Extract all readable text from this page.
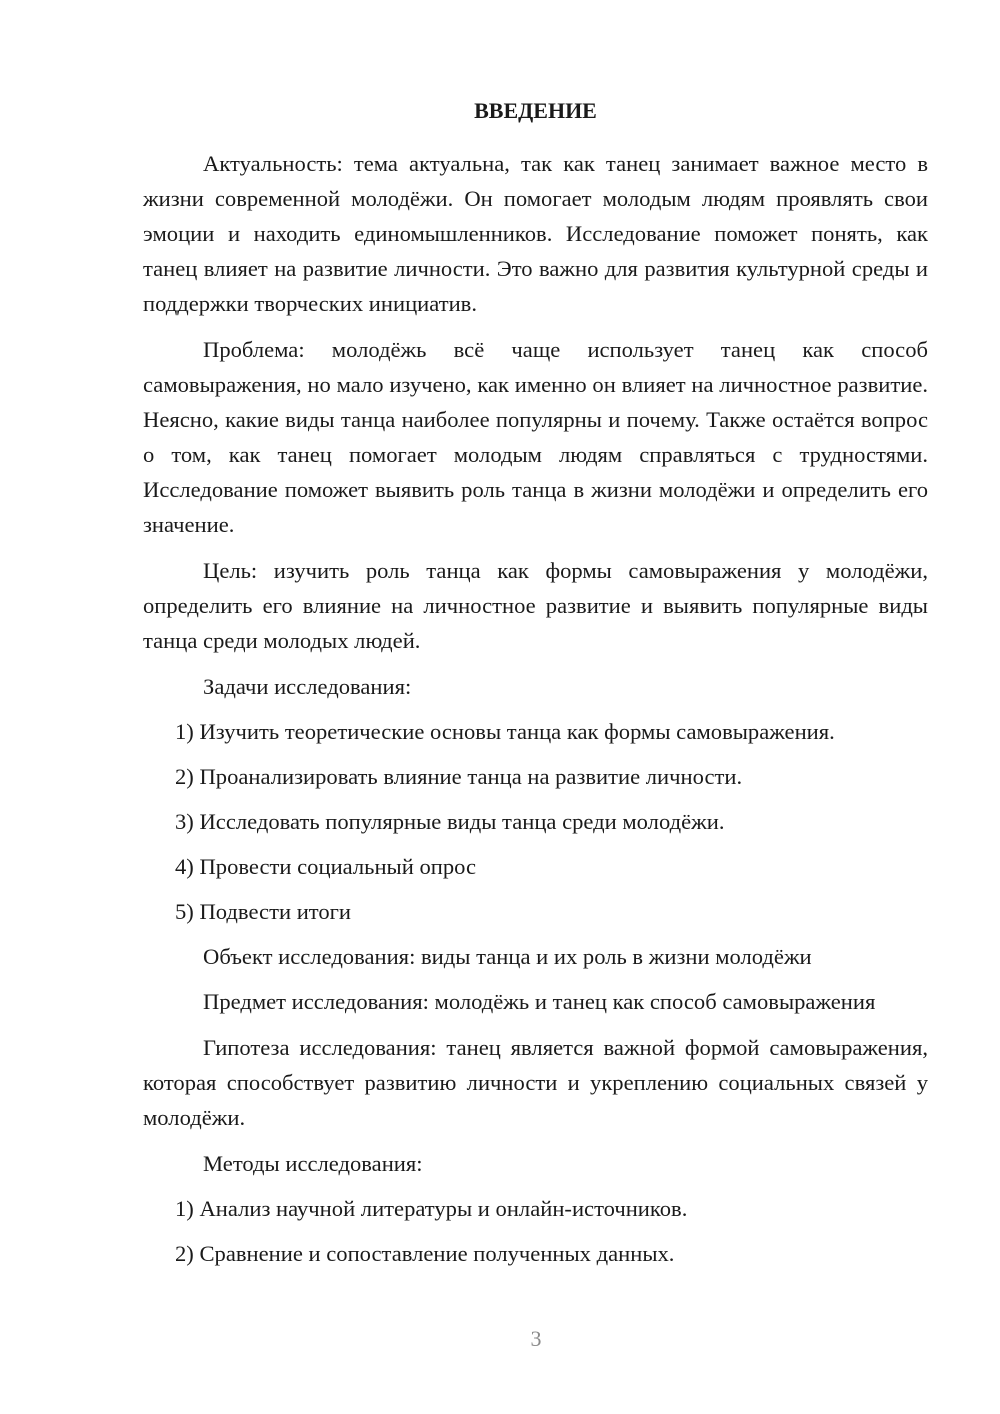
ВВЕДЕНИЕ

Актуальность: тема актуальна, так как танец занимает важное место в жизни современной молодёжи. Он помогает молодым людям проявлять свои эмоции и находить единомышленников. Исследование поможет понять, как танец влияет на развитие личности. Это важно для развития культурной среды и поддержки творческих инициатив.

Проблема: молодёжь всё чаще использует танец как способ самовыражения, но мало изучено, как именно он влияет на личностное развитие. Неясно, какие виды танца наиболее популярны и почему. Также остаётся вопрос о том, как танец помогает молодым людям справляться с трудностями. Исследование поможет выявить роль танца в жизни молодёжи и определить его значение.

Цель: изучить роль танца как формы самовыражения у молодёжи, определить его влияние на личностное развитие и выявить популярные виды танца среди молодых людей.

Задачи исследования:
1) Изучить теоретические основы танца как формы самовыражения.
2) Проанализировать влияние танца на развитие личности.
3) Исследовать популярные виды танца среди молодёжи.
4) Провести социальный опрос
5) Подвести итоги
Объект исследования: виды танца и их роль в жизни молодёжи

Предмет исследования: молодёжь и танец как способ самовыражения

Гипотеза исследования: танец является важной формой самовыражения, которая способствует развитию личности и укреплению социальных связей у молодёжи.

Методы исследования:
1) Анализ научной литературы и онлайн-источников.
2) Сравнение и сопоставление полученных данных.
3
